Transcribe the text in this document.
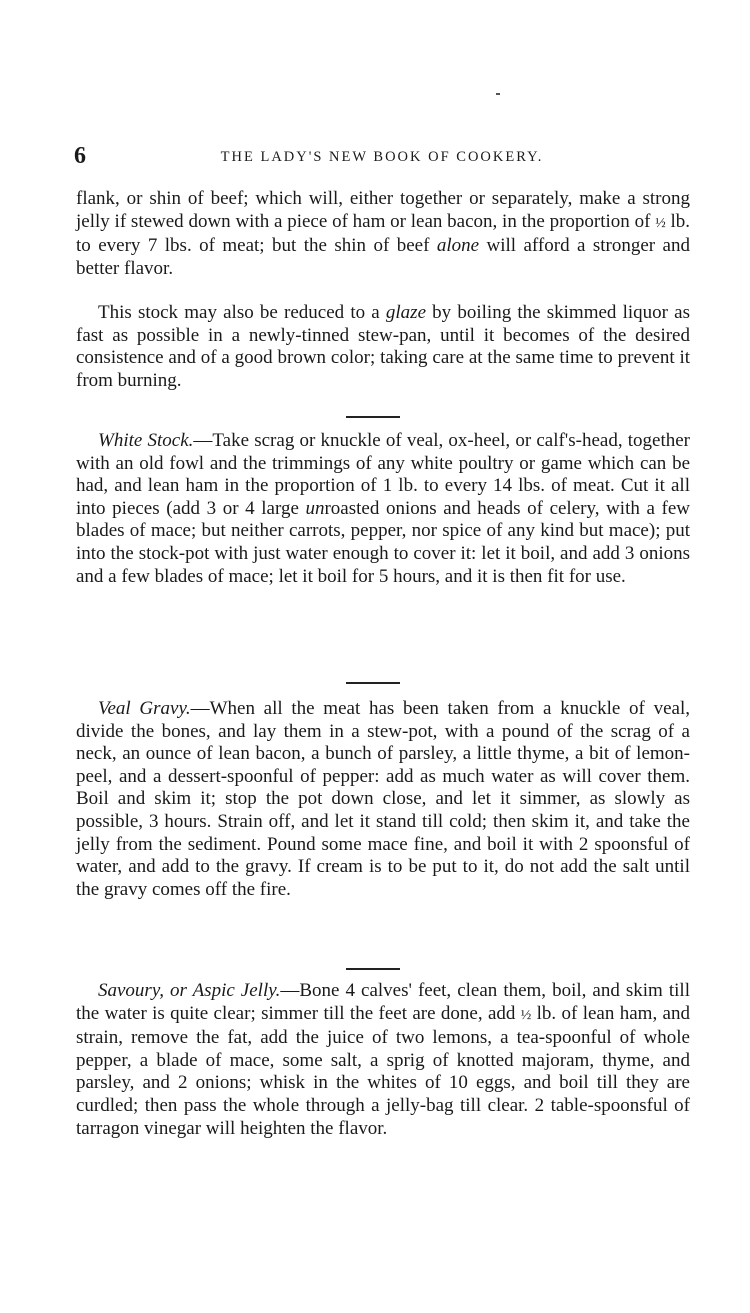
6	THE LADY'S NEW BOOK OF COOKERY.

flank, or shin of beef; which will, either together or separately, make a strong jelly if stewed down with a piece of ham or lean bacon, in the proportion of ½ lb. to every 7 lbs. of meat; but the shin of beef alone will afford a stronger and better flavor.

This stock may also be reduced to a glaze by boiling the skimmed liquor as fast as possible in a newly-tinned stew-pan, until it becomes of the desired consistence and of a good brown color; taking care at the same time to prevent it from burning.

White Stock.—Take scrag or knuckle of veal, ox-heel, or calf's-head, together with an old fowl and the trimmings of any white poultry or game which can be had, and lean ham in the proportion of 1 lb. to every 14 lbs. of meat. Cut it all into pieces (add 3 or 4 large unroasted onions and heads of celery, with a few blades of mace; but neither carrots, pepper, nor spice of any kind but mace); put into the stock-pot with just water enough to cover it: let it boil, and add 3 onions and a few blades of mace; let it boil for 5 hours, and it is then fit for use.

Veal Gravy.—When all the meat has been taken from a knuckle of veal, divide the bones, and lay them in a stew-pot, with a pound of the scrag of a neck, an ounce of lean bacon, a bunch of parsley, a little thyme, a bit of lemon-peel, and a dessert-spoonful of pepper: add as much water as will cover them. Boil and skim it; stop the pot down close, and let it simmer, as slowly as possible, 3 hours. Strain off, and let it stand till cold; then skim it, and take the jelly from the sediment. Pound some mace fine, and boil it with 2 spoonsful of water, and add to the gravy. If cream is to be put to it, do not add the salt until the gravy comes off the fire.

Savoury, or Aspic Jelly.—Bone 4 calves' feet, clean them, boil, and skim till the water is quite clear; simmer till the feet are done, add ½ lb. of lean ham, and strain, remove the fat, add the juice of two lemons, a tea-spoonful of whole pepper, a blade of mace, some salt, a sprig of knotted majoram, thyme, and parsley, and 2 onions; whisk in the whites of 10 eggs, and boil till they are curdled; then pass the whole through a jelly-bag till clear. 2 table-spoonsful of tarragon vinegar will heighten the flavor.
